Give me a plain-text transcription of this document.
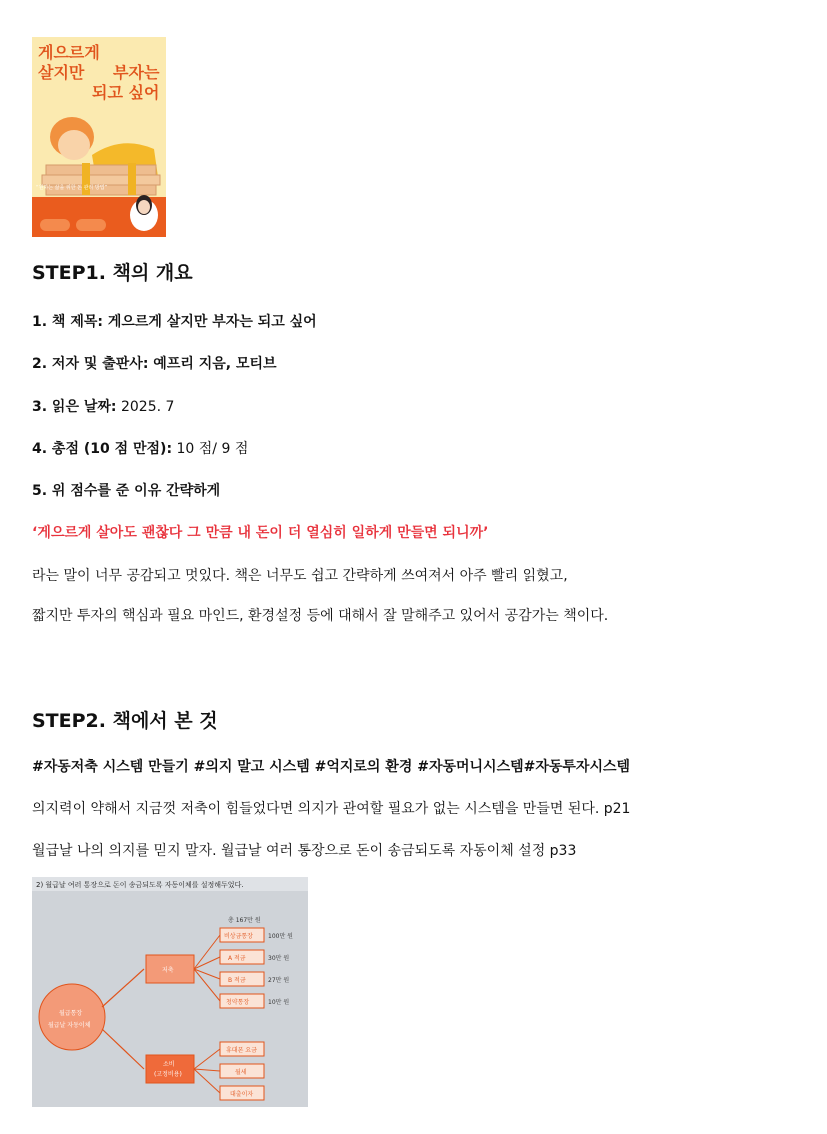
게으르게
살지만	부자는
되고 싶어
“원하는 삶을 위한 돈 관리 방법”
STEP1. 책의 개요
1. 책 제목: 게으르게 살지만 부자는 되고 싶어
2. 저자 및 출판사: 예프리 지음, 모티브
3. 읽은 날짜: 2025. 7
4. 총점 (10 점 만점): 10 점/ 9 점
5. 위 점수를 준 이유 간략하게
‘게으르게 살아도 괜찮다 그 만큼 내 돈이 더 열심히 일하게 만들면 되니까’
라는 말이 너무 공감되고 멋있다. 책은 너무도 쉽고 간략하게 쓰여져서 아주 빨리 읽혔고,
짧지만 투자의 핵심과 필요 마인드, 환경설정 등에 대해서 잘 말해주고 있어서 공감가는 책이다.
STEP2. 책에서 본 것
#자동저축 시스템 만들기 #의지 말고 시스템 #억지로의 환경 #자동머니시스템#자동투자시스템
의지력이 약해서 지금껏 저축이 힘들었다면 의지가 관여할 필요가 없는 시스템을 만들면 된다. p21
월급날 나의 의지를 믿지 말자. 월급날 여러 통장으로 돈이 송금되도록 자동이체 설정 p33
2) 월급날 여러 통장으로 돈이 송금되도록 자동이체를 설정해두었다.
총 167만 원
월급통장
월급날 자동이체
저축
소비
(고정비용)
비상금통장	100만 원
A 적금	30만 원
B 적금	27만 원
청약통장	10만 원
휴대폰 요금
월세
대출이자
